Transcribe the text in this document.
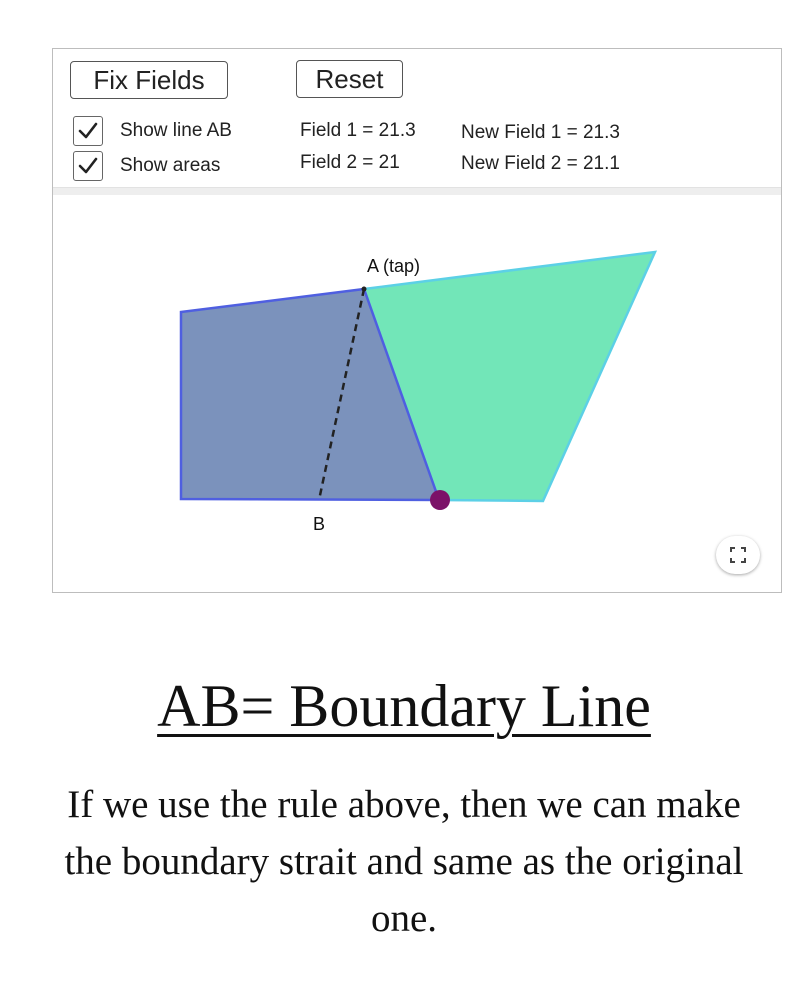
Fix Fields	Reset
Show line AB
Show areas
Field 1 = 21.3
Field 2 = 21
New Field 1 = 21.3
New Field 2 = 21.1
A (tap)
B
AB= Boundary Line
If we use the rule above, then we can make the boundary strait and same as the original one.
